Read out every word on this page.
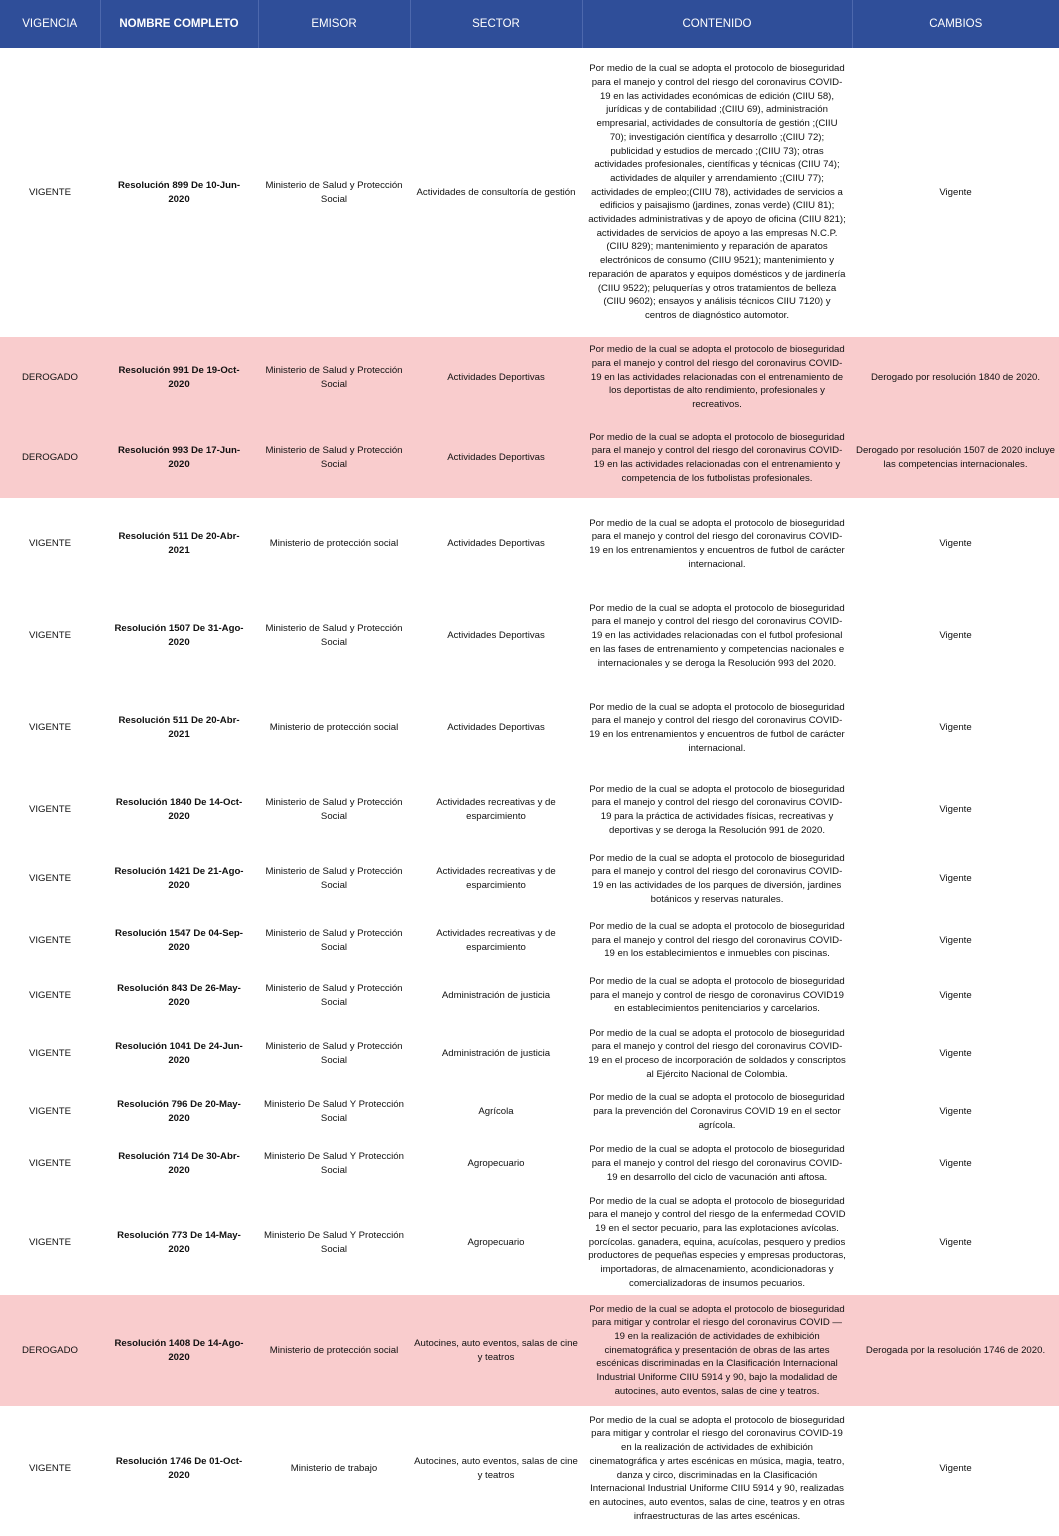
VIGENCIA	NOMBRE COMPLETO	EMISOR	SECTOR	CONTENIDO	CAMBIOS
VIGENTE	Resolución 899 De 10-Jun-2020	Ministerio de Salud y Protección Social	Actividades de consultoría de gestión	Por medio de la cual se adopta el protocolo de bioseguridad para el manejo y control del riesgo del coronavirus COVID-19 en las actividades económicas de edición (CIIU 58), jurídicas y de contabilidad ;(CIIU 69), administración empresarial, actividades de consultoría de gestión ;(CIIU 70); investigación científica y desarrollo ;(CIIU 72); publicidad y estudios de mercado ;(CIIU 73); otras actividades profesionales, científicas y técnicas (CIIU 74); actividades de alquiler y arrendamiento ;(CIIU 77); actividades de empleo;(CIIU 78), actividades de servicios a edificios y paisajismo (jardines, zonas verde) (CIIU 81); actividades administrativas y de apoyo de oficina (CIIU 821); actividades de servicios de apoyo a las empresas N.C.P. (CIIU 829); mantenimiento y reparación de aparatos electrónicos de consumo (CIIU 9521); mantenimiento y reparación de aparatos y equipos domésticos y de jardinería (CIIU 9522); peluquerías y otros tratamientos de belleza (CIIU 9602); ensayos y análisis técnicos CIIU 7120) y centros de diagnóstico automotor.	Vigente
DEROGADO	Resolución 991 De 19-Oct-2020	Ministerio de Salud y Protección Social	Actividades Deportivas	Por medio de la cual se adopta el protocolo de bioseguridad para el manejo y control del riesgo del coronavirus COVID-19 en las actividades relacionadas con el entrenamiento de los deportistas de alto rendimiento, profesionales y recreativos.	Derogado por resolución 1840 de 2020.
DEROGADO	Resolución 993 De 17-Jun-2020	Ministerio de Salud y Protección Social	Actividades Deportivas	Por medio de la cual se adopta el protocolo de bioseguridad para el manejo y control del riesgo del coronavirus COVID-19 en las actividades relacionadas con el entrenamiento y competencia de los futbolistas profesionales.	Derogado por resolución 1507 de 2020 incluye las competencias internacionales.
VIGENTE	Resolución 511 De 20-Abr-2021	Ministerio de protección social	Actividades Deportivas	Por medio de la cual se adopta el protocolo de bioseguridad para el manejo y control del riesgo del coronavirus COVID-19 en los entrenamientos y encuentros de futbol de carácter internacional.	Vigente
VIGENTE	Resolución 1507 De 31-Ago-2020	Ministerio de Salud y Protección Social	Actividades Deportivas	Por medio de la cual se adopta el protocolo de bioseguridad para el manejo y control del riesgo del coronavirus COVID-19 en las actividades relacionadas con el futbol profesional en las fases de entrenamiento y competencias nacionales e internacionales y se deroga la Resolución 993 del 2020.	Vigente
VIGENTE	Resolución 511 De 20-Abr-2021	Ministerio de protección social	Actividades Deportivas	Por medio de la cual se adopta el protocolo de bioseguridad para el manejo y control del riesgo del coronavirus COVID-19 en los entrenamientos y encuentros de futbol de carácter internacional.	Vigente
VIGENTE	Resolución 1840 De 14-Oct-2020	Ministerio de Salud y Protección Social	Actividades recreativas y de esparcimiento	Por medio de la cual se adopta el protocolo de bioseguridad para el manejo y control del riesgo del coronavirus COVID-19 para la práctica de actividades físicas, recreativas y deportivas y se deroga la Resolución 991 de 2020.	Vigente
VIGENTE	Resolución 1421 De 21-Ago-2020	Ministerio de Salud y Protección Social	Actividades recreativas y de esparcimiento	Por medio de la cual se adopta el protocolo de bioseguridad para el manejo y control del riesgo del coronavirus COVID-19 en las actividades de los parques de diversión, jardines botánicos y reservas naturales.	Vigente
VIGENTE	Resolución 1547 De 04-Sep-2020	Ministerio de Salud y Protección Social	Actividades recreativas y de esparcimiento	Por medio de la cual se adopta el protocolo de bioseguridad para el manejo y control del riesgo del coronavirus COVID-19 en los establecimientos e inmuebles con piscinas.	Vigente
VIGENTE	Resolución 843 De 26-May-2020	Ministerio de Salud y Protección Social	Administración de justicia	Por medio de la cual se adopta el protocolo de bioseguridad para el manejo y control de riesgo de coronavirus COVID19 en establecimientos penitenciarios y carcelarios.	Vigente
VIGENTE	Resolución 1041 De 24-Jun-2020	Ministerio de Salud y Protección Social	Administración de justicia	Por medio de la cual se adopta el protocolo de bioseguridad para el manejo y control del riesgo del coronavirus COVID-19 en el proceso de incorporación de soldados y conscriptos al Ejército Nacional de Colombia.	Vigente
VIGENTE	Resolución 796 De 20-May-2020	Ministerio De Salud Y Protección Social	Agrícola	Por medio de la cual se adopta el protocolo de bioseguridad para la prevención del Coronavirus COVID 19 en el sector agrícola.	Vigente
VIGENTE	Resolución 714 De 30-Abr-2020	Ministerio De Salud Y Protección Social	Agropecuario	Por medio de la cual se adopta el protocolo de bioseguridad para el manejo y control del riesgo del coronavirus COVID-19 en desarrollo del ciclo de vacunación anti aftosa.	Vigente
VIGENTE	Resolución 773 De 14-May-2020	Ministerio De Salud Y Protección Social	Agropecuario	Por medio de la cual se adopta el protocolo de bioseguridad para el manejo y control del riesgo de la enfermedad COVID 19 en el sector pecuario, para las explotaciones avícolas. porcícolas. ganadera, equina, acuícolas, pesquero y predios productores de pequeñas especies y empresas productoras, importadoras, de almacenamiento, acondicionadoras y comercializadoras de insumos pecuarios.	Vigente
DEROGADO	Resolución 1408 De 14-Ago-2020	Ministerio de protección social	Autocines, auto eventos, salas de cine y teatros	Por medio de la cual se adopta el protocolo de bioseguridad para mitigar y controlar el riesgo del coronavirus COVID — 19 en la realización de actividades de exhibición cinematográfica y presentación de obras de las artes escénicas discriminadas en la Clasificación Internacional Industrial Uniforme CIIU 5914 y 90, bajo la modalidad de autocines, auto eventos, salas de cine y teatros.	Derogada por la resolución 1746 de 2020.
VIGENTE	Resolución 1746 De 01-Oct-2020	Ministerio de trabajo	Autocines, auto eventos, salas de cine y teatros	Por medio de la cual se adopta el protocolo de bioseguridad para mitigar y controlar el riesgo del coronavirus COVID-19 en la realización de actividades de exhibición cinematográfica y artes escénicas en música, magia, teatro, danza y circo, discriminadas en la Clasificación Internacional Industrial Uniforme CIIU 5914 y 90, realizadas en autocines, auto eventos, salas de cine, teatros y en otras infraestructuras de las artes escénicas.	Vigente
